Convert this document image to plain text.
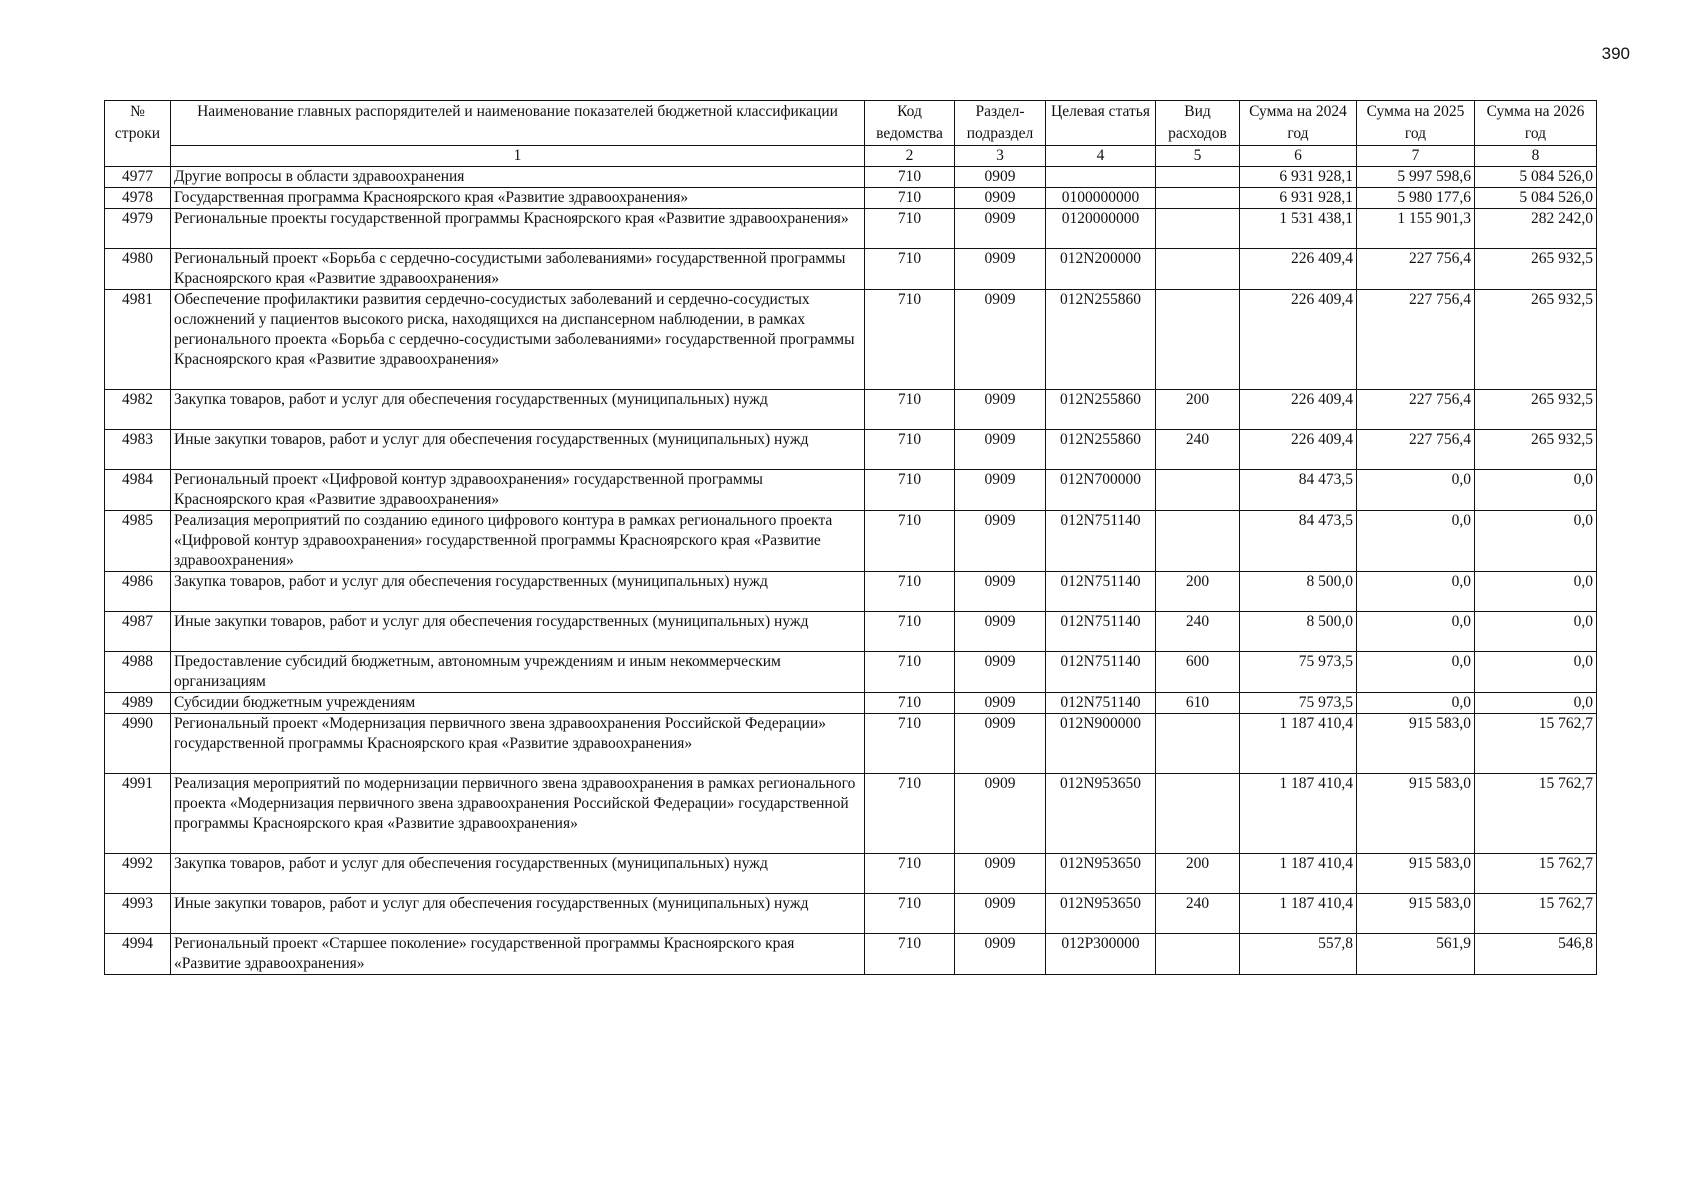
390
№ строки	Наименование главных распорядителей и наименование показателей бюджетной классификации	Код ведомства	Раздел-подраздел	Целевая статья	Вид расходов	Сумма на 2024 год	Сумма на 2025 год	Сумма на 2026 год
	1	2	3	4	5	6	7	8
4977	Другие вопросы в области здравоохранения	710	0909			6 931 928,1	5 997 598,6	5 084 526,0
4978	Государственная программа Красноярского края «Развитие здравоохранения»	710	0909	0100000000		6 931 928,1	5 980 177,6	5 084 526,0
4979	Региональные проекты государственной программы Красноярского края «Развитие здравоохранения»	710	0909	0120000000		1 531 438,1	1 155 901,3	282 242,0
4980	Региональный проект «Борьба с сердечно-сосудистыми заболеваниями» государственной программы Красноярского края «Развитие здравоохранения»	710	0909	012N200000		226 409,4	227 756,4	265 932,5
4981	Обеспечение профилактики развития сердечно-сосудистых заболеваний и сердечно-сосудистых осложнений у пациентов высокого риска, находящихся на диспансерном наблюдении, в рамках регионального проекта «Борьба с сердечно-сосудистыми заболеваниями» государственной программы Красноярского края «Развитие здравоохранения»	710	0909	012N255860		226 409,4	227 756,4	265 932,5
4982	Закупка товаров, работ и услуг для обеспечения государственных (муниципальных) нужд	710	0909	012N255860	200	226 409,4	227 756,4	265 932,5
4983	Иные закупки товаров, работ и услуг для обеспечения государственных (муниципальных) нужд	710	0909	012N255860	240	226 409,4	227 756,4	265 932,5
4984	Региональный проект «Цифровой контур здравоохранения» государственной программы Красноярского края «Развитие здравоохранения»	710	0909	012N700000		84 473,5	0,0	0,0
4985	Реализация мероприятий по созданию единого цифрового контура в рамках регионального проекта «Цифровой контур здравоохранения» государственной программы Красноярского края «Развитие здравоохранения»	710	0909	012N751140		84 473,5	0,0	0,0
4986	Закупка товаров, работ и услуг для обеспечения государственных (муниципальных) нужд	710	0909	012N751140	200	8 500,0	0,0	0,0
4987	Иные закупки товаров, работ и услуг для обеспечения государственных (муниципальных) нужд	710	0909	012N751140	240	8 500,0	0,0	0,0
4988	Предоставление субсидий бюджетным, автономным учреждениям и иным некоммерческим организациям	710	0909	012N751140	600	75 973,5	0,0	0,0
4989	Субсидии бюджетным учреждениям	710	0909	012N751140	610	75 973,5	0,0	0,0
4990	Региональный проект «Модернизация первичного звена здравоохранения Российской Федерации» государственной программы Красноярского края «Развитие здравоохранения»	710	0909	012N900000		1 187 410,4	915 583,0	15 762,7
4991	Реализация мероприятий по модернизации первичного звена здравоохранения в рамках регионального проекта «Модернизация первичного звена здравоохранения Российской Федерации» государственной программы Красноярского края «Развитие здравоохранения»	710	0909	012N953650		1 187 410,4	915 583,0	15 762,7
4992	Закупка товаров, работ и услуг для обеспечения государственных (муниципальных) нужд	710	0909	012N953650	200	1 187 410,4	915 583,0	15 762,7
4993	Иные закупки товаров, работ и услуг для обеспечения государственных (муниципальных) нужд	710	0909	012N953650	240	1 187 410,4	915 583,0	15 762,7
4994	Региональный проект «Старшее поколение» государственной программы Красноярского края «Развитие здравоохранения»	710	0909	012P300000		557,8	561,9	546,8
